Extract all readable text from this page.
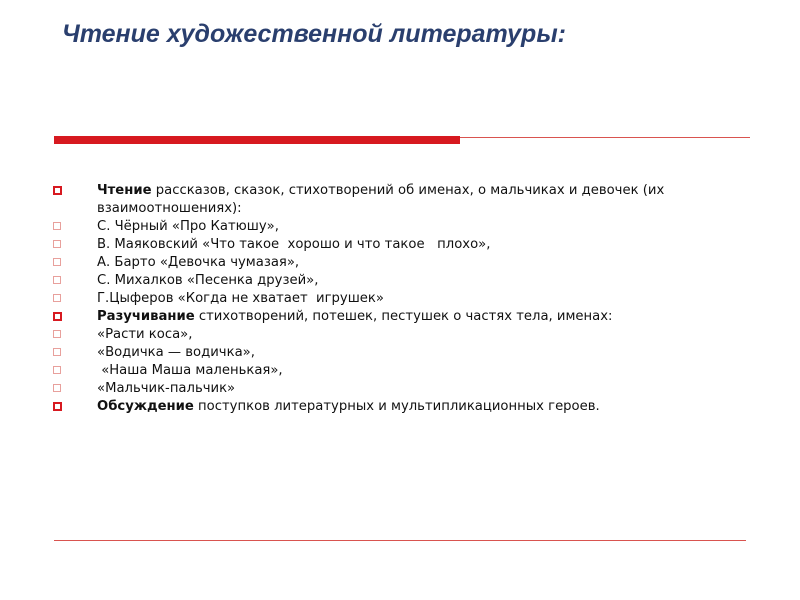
Чтение художественной литературы:
Чтение рассказов, сказок, стихотворений об именах, о мальчиках и девочек (их взаимоотношениях):
С. Чёрный «Про Катюшу»,
В. Маяковский «Что такое  хорошо и что такое   плохо»,
А. Барто «Девочка чумазая»,
С. Михалков «Песенка друзей»,
Г.Цыферов «Когда не хватает  игрушек»
Разучивание стихотворений, потешек, пестушек о частях тела, именах:
«Расти коса»,
«Водичка — водичка»,
«Наша Маша маленькая»,
«Мальчик-пальчик»
Обсуждение поступков литературных и мультипликационных героев.
